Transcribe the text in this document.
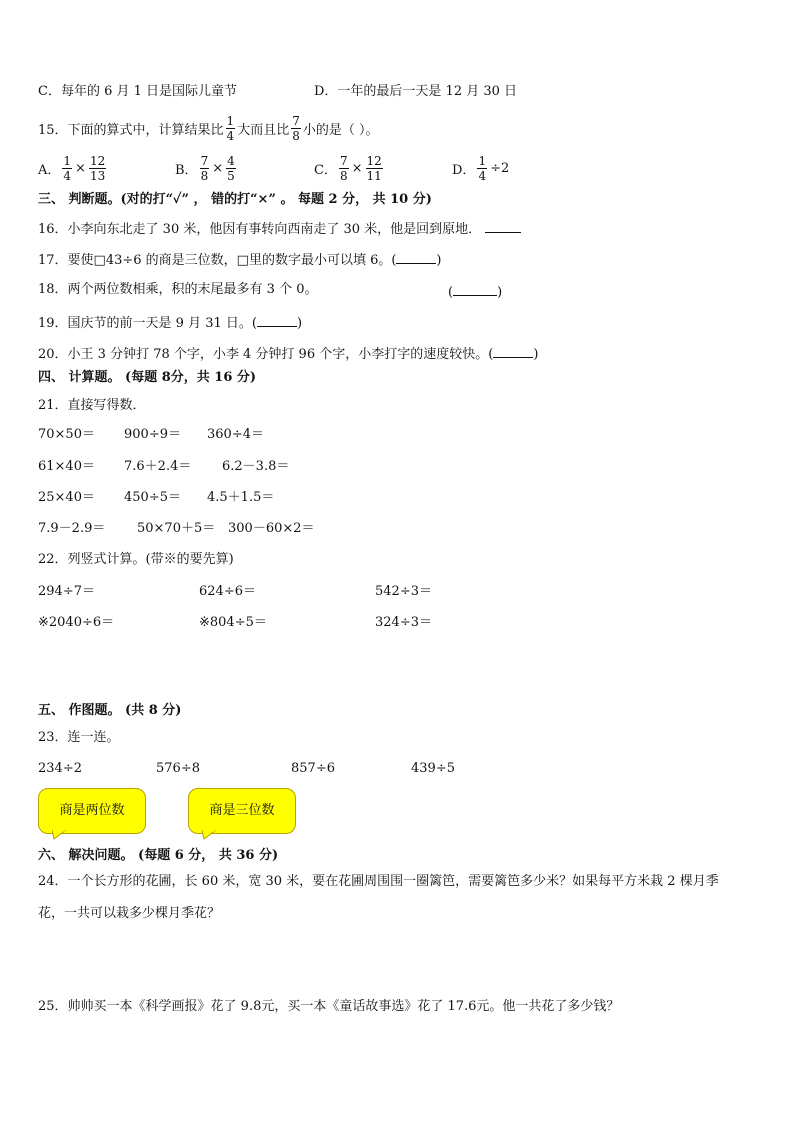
C．每年的 6 月 1 日是国际儿童节	D．一年的最后一天是 12 月 30 日
15．下面的算式中，计算结果比 $\frac{1}{4}$ 大而且比 $\frac{7}{8}$ 小的是（ ）。
A． $\frac{1}{4} \times \frac{12}{13}$	B． $\frac{7}{8} \times \frac{4}{5}$	C． $\frac{7}{8} \times \frac{12}{11}$	D． $\frac{1}{4} \div 2$
三、 判断题。(对的打“✓” ， 错的打“×” 。 每题 2 分， 共 10 分)
16．小李向东北走了 30 米，他因有事转向西南走了 30 米，他是回到原地．
17．要使□43÷6 的商是三位数，□里的数字最小可以填 6。(	)
18．两个两位数相乘，积的末尾最多有 3 个 0。	(	)
19．国庆节的前一天是 9 月 31 日。(	)
20．小王 3 分钟打 78 个字，小李 4 分钟打 96 个字，小李打字的速度较快。(	)
四、 计算题。 (每题 8分，共 16 分)
21．直接写得数．
70×50＝ 900÷9＝ 360÷4＝
61×40＝ 7.6＋2.4＝ 6.2－3.8＝
25×40＝ 450÷5＝ 4.5＋1.5＝
7.9－2.9＝ 50×70＋5＝ 300－60×2＝
22．列竖式计算。(带※的要先算)
294÷7＝	624÷6＝	542÷3＝
※2040÷6＝	※804÷5＝	324÷3＝
五、 作图题。 (共 8 分)
23．连一连。
234÷2	576÷8	857÷6	439÷5
商是两位数	商是三位数
六、 解决问题。 (每题 6 分， 共 36 分)
24．一个长方形的花圃，长 60 米，宽 30 米，要在花圃周围围一圈篱笆，需要篱笆多少米？如果每平方米栽 2 棵月季
花，一共可以栽多少棵月季花？
25．帅帅买一本《科学画报》花了 9.8元，买一本《童话故事选》花了 17.6元。他一共花了多少钱？
